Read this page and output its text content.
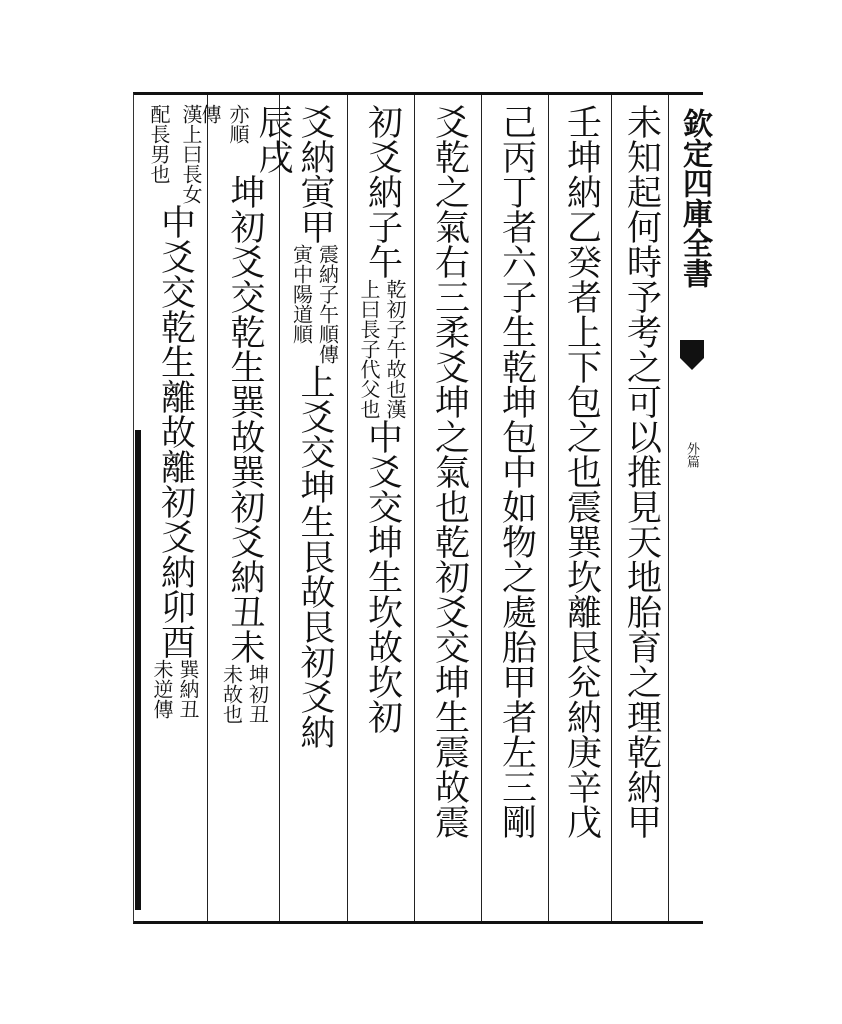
欽定四庫全書
外篇
未知起何時予考之可以推見天地胎育之理乾納甲
壬坤納乙癸者上下包之也震巽坎離艮兊納庚辛戊
己丙丁者六子生乾坤包中如物之處胎甲者左三剛
爻乾之氣右三柔爻坤之氣也乾初爻交坤生震故震
初爻納子午
乾初子午故也漢
上曰長子代父也
中爻交坤生坎故坎初
爻納寅甲
震納子午順傳
寅中陽道順
上爻交坤生艮故艮初爻納
辰戌
亦順
傳
坤初爻交乾生巽故巽初爻納丑未
坤初丑
未故也
漢上曰長女
配長男也
中爻交乾生離故離初爻納卯酉
巽納丑
未逆傳
